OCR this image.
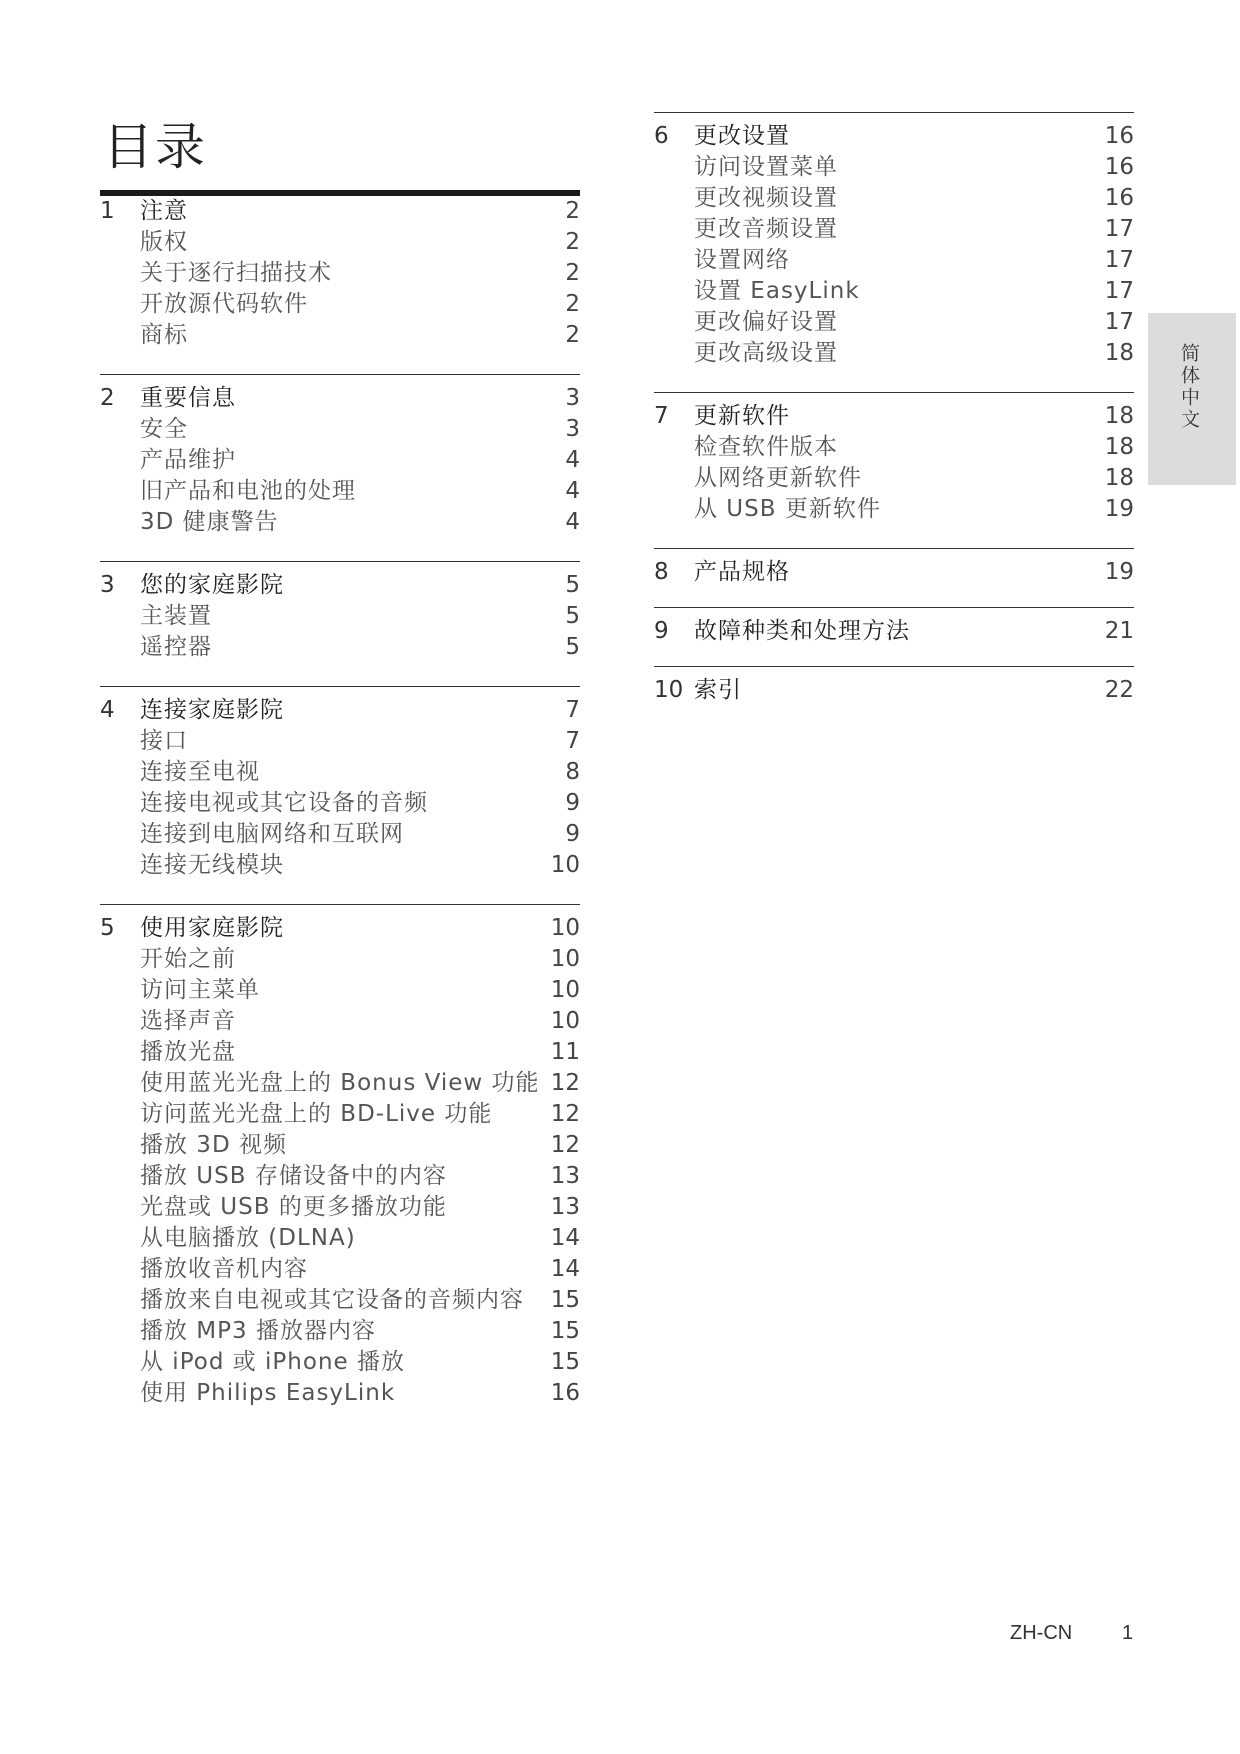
目录
1	注意	2
版权	2
关于逐行扫描技术	2
开放源代码软件	2
商标	2
2	重要信息	3
安全	3
产品维护	4
旧产品和电池的处理	4
3D 健康警告	4
3	您的家庭影院	5
主装置	5
遥控器	5
4	连接家庭影院	7
接口	7
连接至电视	8
连接电视或其它设备的音频	9
连接到电脑网络和互联网	9
连接无线模块	10
5	使用家庭影院	10
开始之前	10
访问主菜单	10
选择声音	10
播放光盘	11
使用蓝光光盘上的 Bonus View 功能 12
访问蓝光光盘上的 BD-Live 功能	12
播放 3D 视频	12
播放 USB 存储设备中的内容	13
光盘或 USB 的更多播放功能	13
从电脑播放 (DLNA)	14
播放收音机内容	14
播放来自电视或其它设备的音频内容	15
播放 MP3 播放器内容	15
从 iPod 或 iPhone 播放	15
使用 Philips EasyLink	16
6	更改设置	16
访问设置菜单	16
更改视频设置	16
更改音频设置	17
设置网络	17
设置 EasyLink	17
更改偏好设置	17
更改高级设置	18
7	更新软件	18
检查软件版本	18
从网络更新软件	18
从 USB 更新软件	19
8	产品规格	19
9	故障种类和处理方法	21
10 索引	22
简体中文
ZH-CN 1
